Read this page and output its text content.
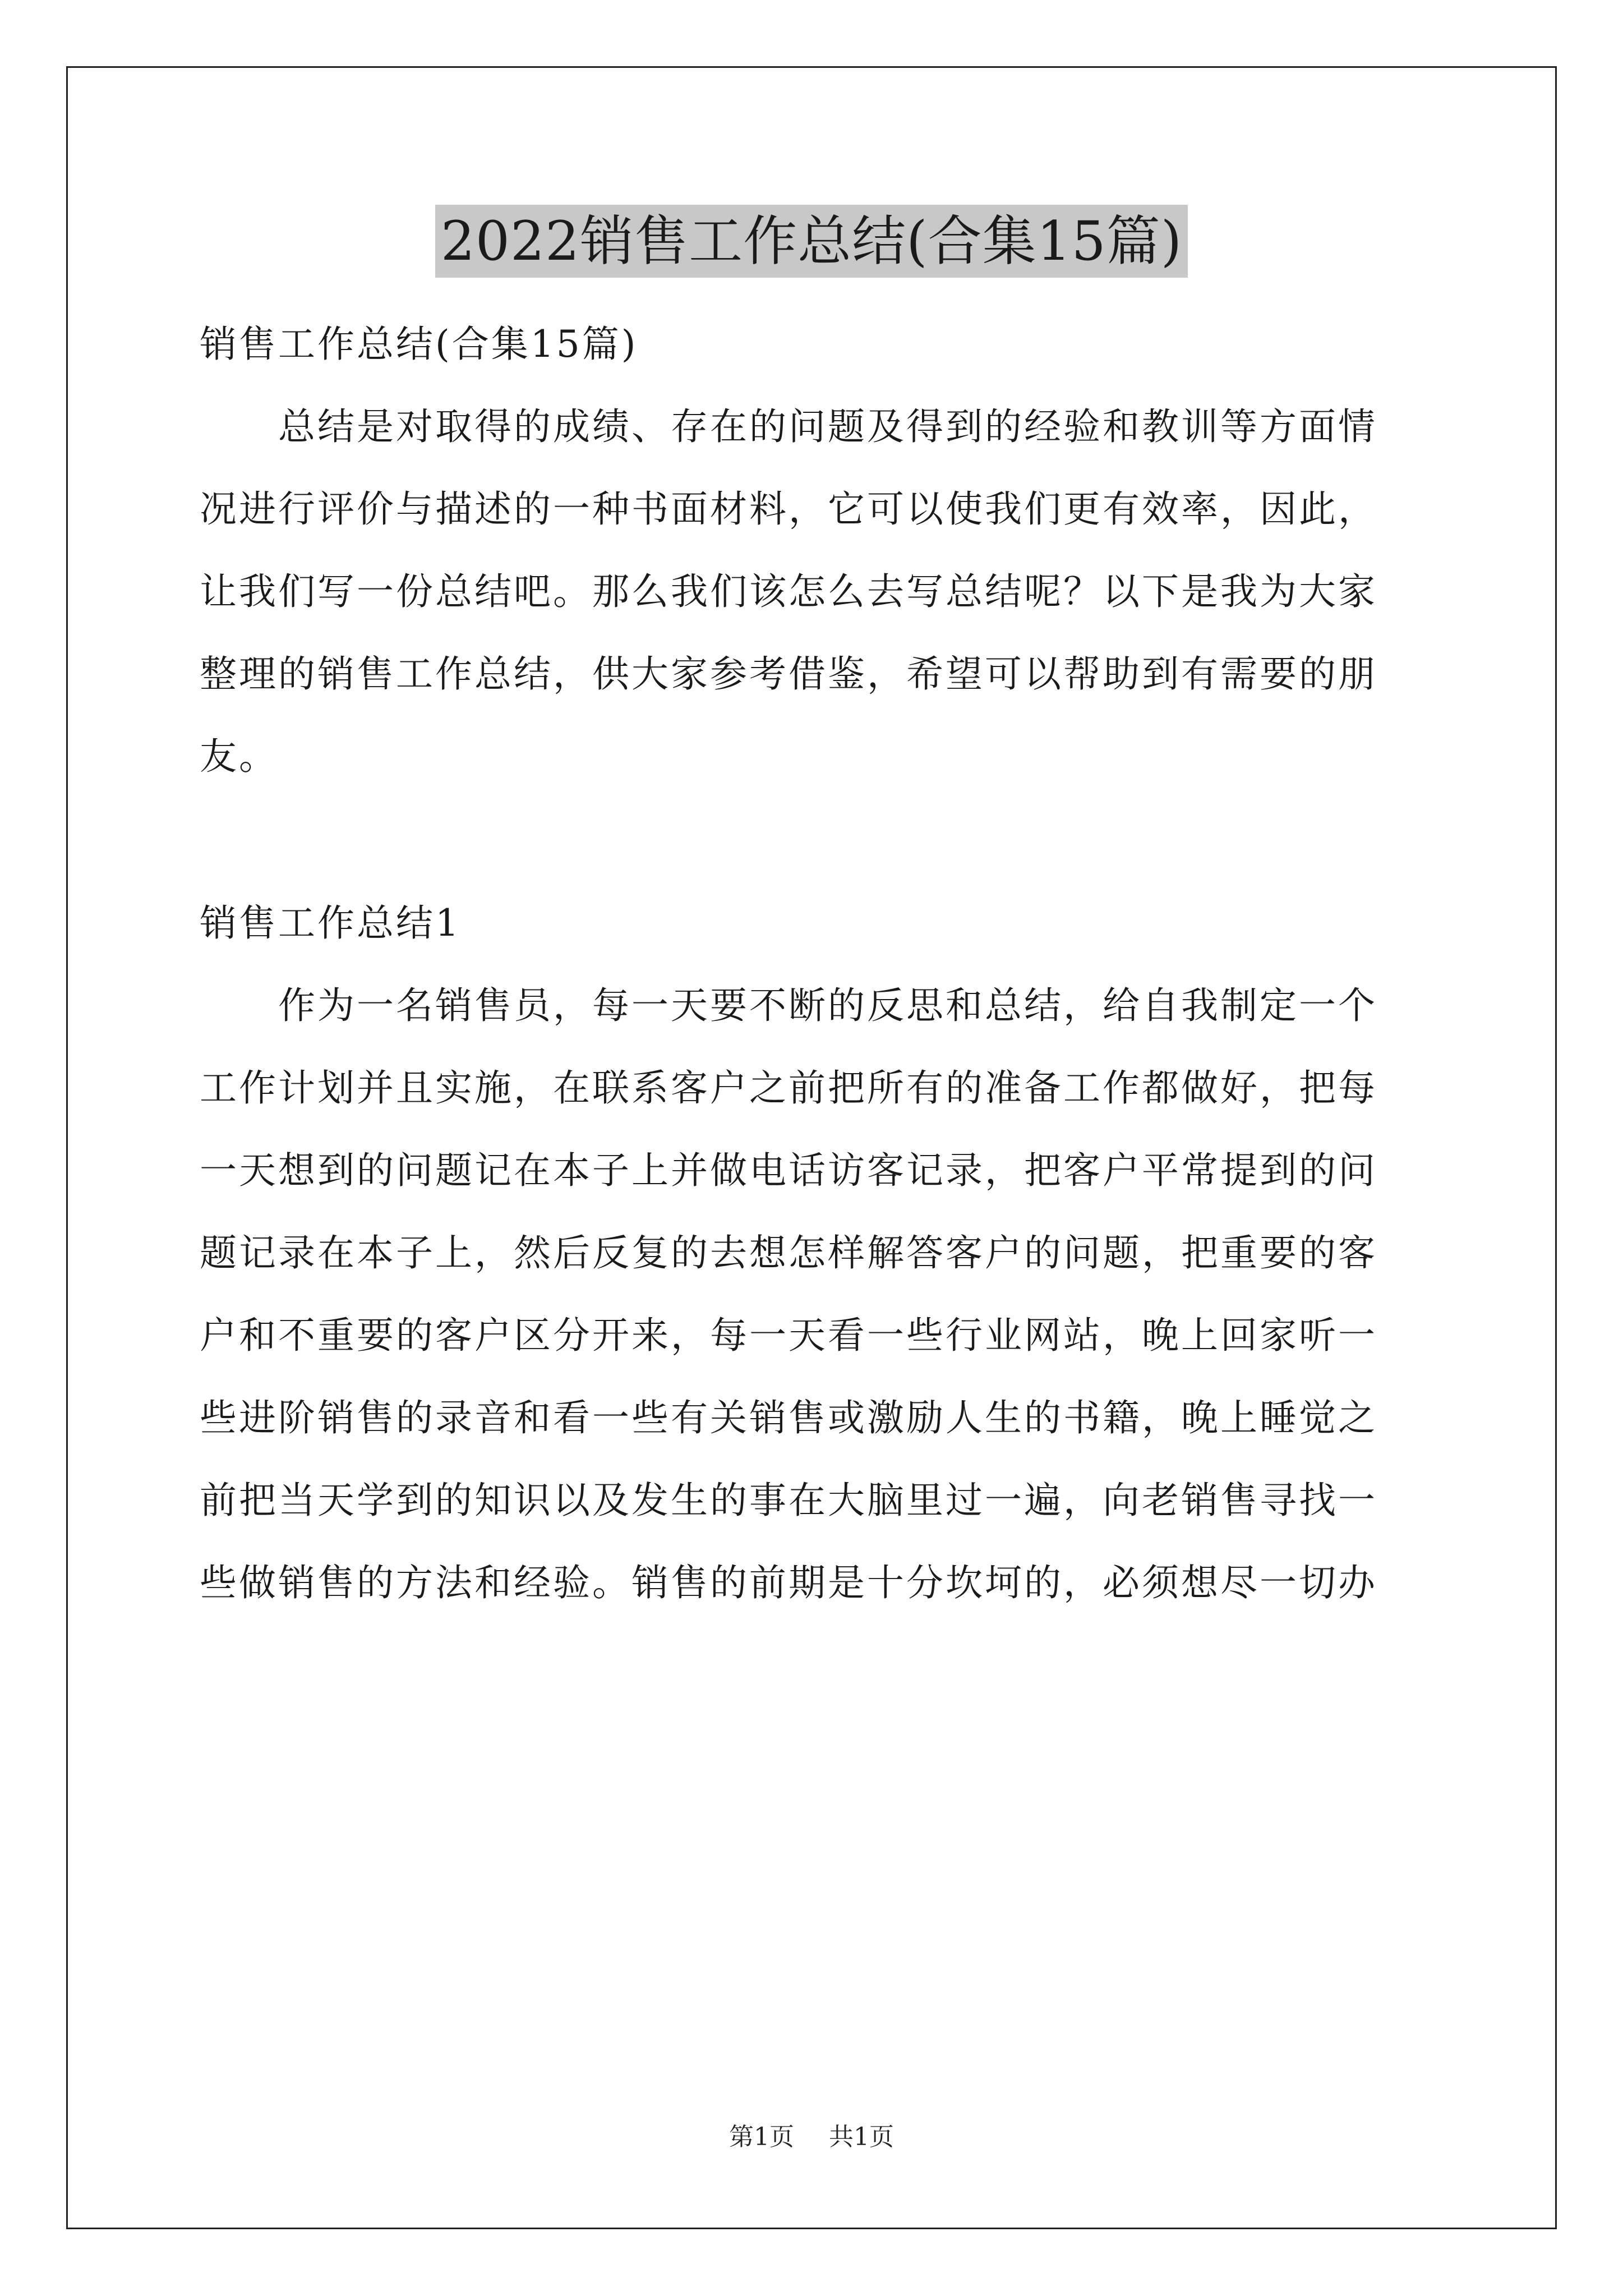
2022销售工作总结(合集15篇)
销售工作总结(合集15篇)
　　总结是对取得的成绩、存在的问题及得到的经验和教训等方面情
况进行评价与描述的一种书面材料，它可以使我们更有效率，因此，
让我们写一份总结吧。那么我们该怎么去写总结呢？以下是我为大家
整理的销售工作总结，供大家参考借鉴，希望可以帮助到有需要的朋
友。
销售工作总结1
　　作为一名销售员，每一天要不断的反思和总结，给自我制定一个
工作计划并且实施，在联系客户之前把所有的准备工作都做好，把每
一天想到的问题记在本子上并做电话访客记录，把客户平常提到的问
题记录在本子上，然后反复的去想怎样解答客户的问题，把重要的客
户和不重要的客户区分开来，每一天看一些行业网站，晚上回家听一
些进阶销售的录音和看一些有关销售或激励人生的书籍，晚上睡觉之
前把当天学到的知识以及发生的事在大脑里过一遍，向老销售寻找一
些做销售的方法和经验。销售的前期是十分坎坷的，必须想尽一切办
第1页 共1页
